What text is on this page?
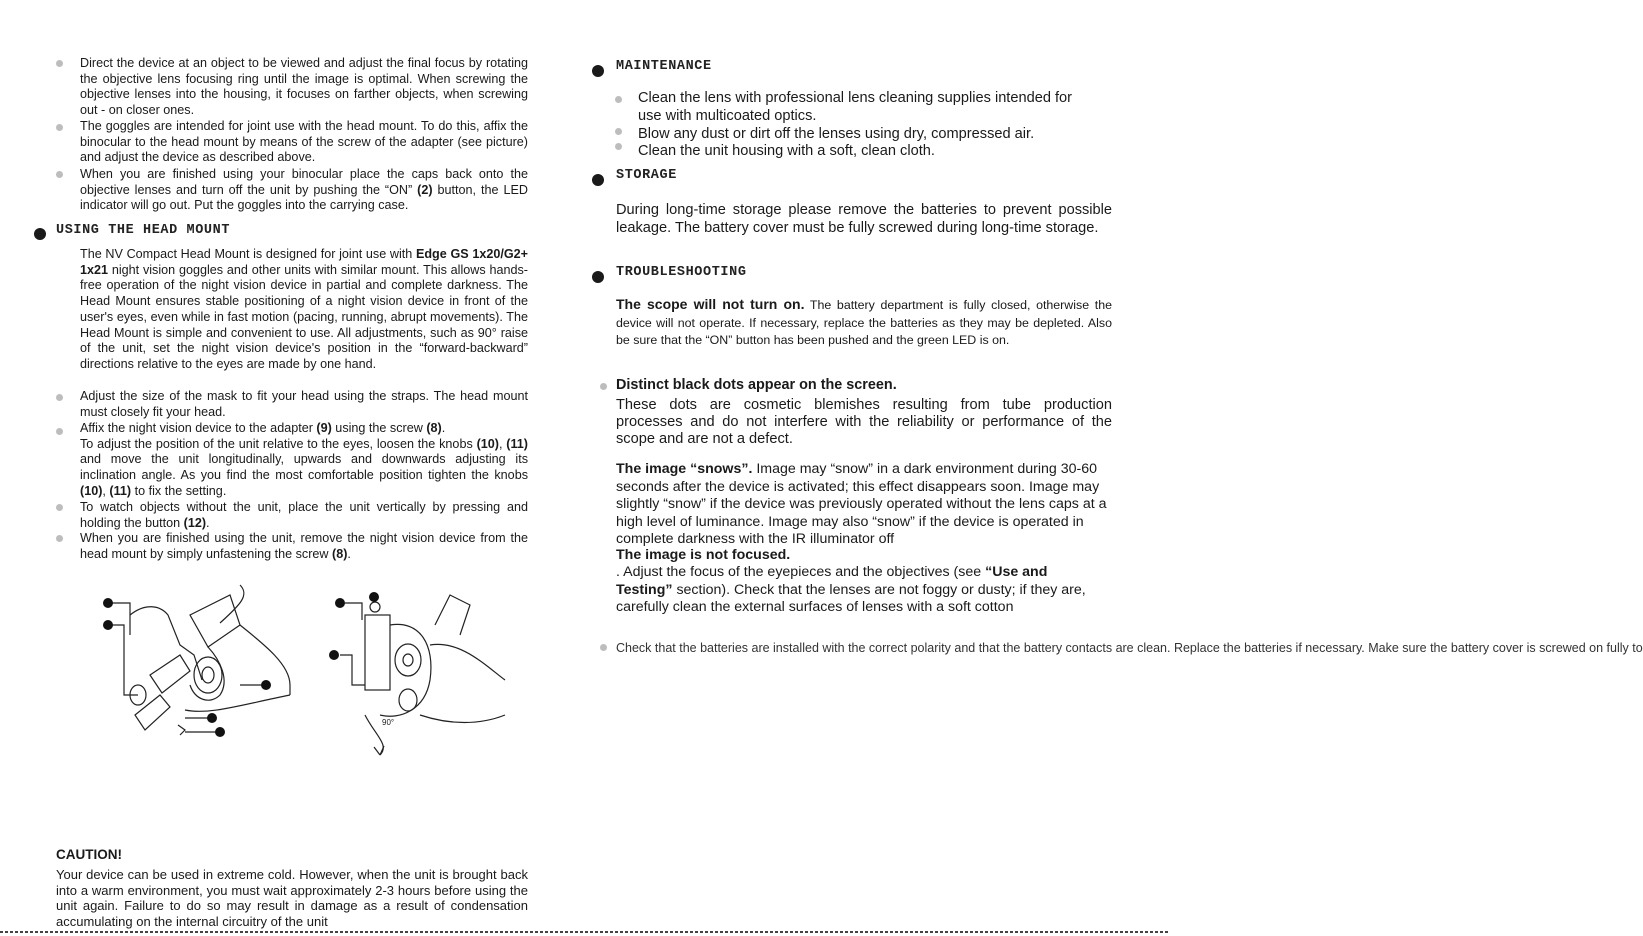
Direct the device at an object to be viewed and adjust the final focus by rotating the objective lens focusing ring until the image is optimal. When screwing the objective lenses into the housing, it focuses on farther objects, when screwing out - on closer ones.
The goggles are intended for joint use with the head mount. To do this, affix the binocular to the head mount by means of the screw of the adapter (see picture) and adjust the device as described above.
When you are finished using your binocular place the caps back onto the objective lenses and turn off the unit by pushing the “ON” (2) button, the LED indicator will go out. Put the goggles into the carrying case.
USING THE HEAD MOUNT
The NV Compact Head Mount is designed for joint use with Edge GS 1x20/G2+ 1x21 night vision goggles and other units with similar mount. This allows hands-free operation of the night vision device in partial and complete darkness. The Head Mount ensures stable positioning of a night vision device in front of the user's eyes, even while in fast motion (pacing, running, abrupt movements). The Head Mount is simple and convenient to use. All adjustments, such as 90° raise of the unit, set the night vision device's position in the “forward-backward” directions relative to the eyes are made by one hand.
Adjust the size of the mask to fit your head using the straps. The head mount must closely fit your head.
Affix the night vision device to the adapter (9) using the screw (8).
To adjust the position of the unit relative to the eyes, loosen the knobs (10), (11) and move the unit longitudinally, upwards and downwards adjusting its inclination angle. As you find the most comfortable position tighten the knobs (10), (11) to fix the setting.
To watch objects without the unit, place the unit vertically by pressing and holding the button (12).
When you are finished using the unit, remove the night vision device from the head mount by simply unfastening the screw (8).
90°
CAUTION!
Your device can be used in extreme cold. However, when the unit is brought back into a warm environment, you must wait approximately 2-3 hours before using the unit again. Failure to do so may result in damage as a result of condensation accumulating on the internal circuitry of the unit
MAINTENANCE
Clean the lens with professional lens cleaning supplies intended for use with multicoated optics.
Blow any dust or dirt off the lenses using dry, compressed air.
Clean the unit housing with a soft, clean cloth.
STORAGE
During long-time storage please remove the batteries to prevent possible leakage. The battery cover must be fully screwed during long-time storage.
TROUBLESHOOTING
The scope will not turn on. The battery department is fully closed, otherwise the device will not operate. If necessary, replace the batteries as they may be depleted. Also be sure that the “ON” button has been pushed and the green LED is on.
Distinct black dots appear on the screen.
These dots are cosmetic blemishes resulting from tube production processes and do not interfere with the reliability or performance of the scope and are not a defect.
The image “snows”. Image may “snow” in a dark environment during 30-60 seconds after the device is activated; this effect disappears soon. Image may slightly “snow” if the device was previously operated without the lens caps at a high level of luminance. Image may also “snow” if the device is operated in complete darkness with the IR illuminator off
The image is not focused.
. Adjust the focus of the eyepieces and the objectives (see “Use and Testing” section). Check that the lenses are not foggy or dusty; if they are, carefully clean the external surfaces of lenses with a soft cotton
Check that the batteries are installed with the correct polarity and that the battery contacts are clean. Replace the batteries if necessary. Make sure the battery cover is screwed on fully to
